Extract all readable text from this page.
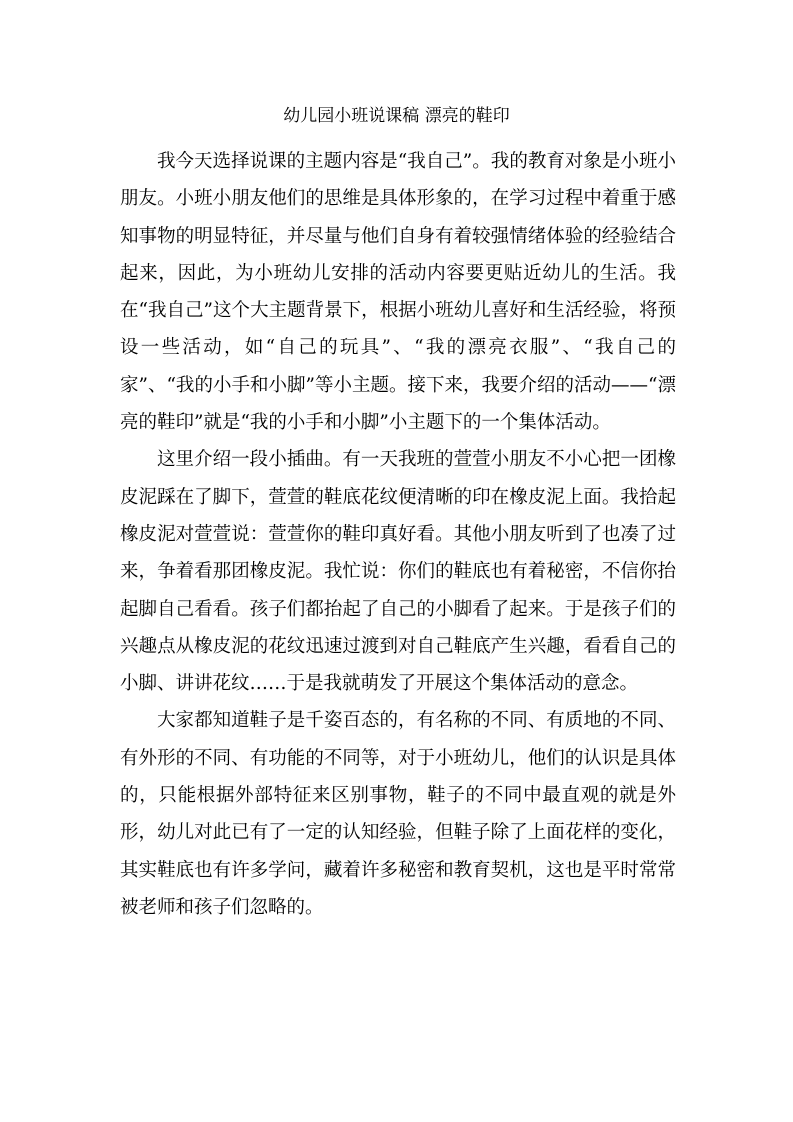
幼儿园小班说课稿 漂亮的鞋印

我今天选择说课的主题内容是“我自己”。我的教育对象是小班小朋友。小班小朋友他们的思维是具体形象的，在学习过程中着重于感知事物的明显特征，并尽量与他们自身有着较强情绪体验的经验结合起来，因此，为小班幼儿安排的活动内容要更贴近幼儿的生活。我在“我自己”这个大主题背景下，根据小班幼儿喜好和生活经验，将预设一些活动，如“自己的玩具”、“我的漂亮衣服”、“我自己的家”、“我的小手和小脚”等小主题。接下来，我要介绍的活动——“漂亮的鞋印”就是“我的小手和小脚”小主题下的一个集体活动。

这里介绍一段小插曲。有一天我班的萱萱小朋友不小心把一团橡皮泥踩在了脚下，萱萱的鞋底花纹便清晰的印在橡皮泥上面。我拾起橡皮泥对萱萱说：萱萱你的鞋印真好看。其他小朋友听到了也凑了过来，争着看那团橡皮泥。我忙说：你们的鞋底也有着秘密，不信你抬起脚自己看看。孩子们都抬起了自己的小脚看了起来。于是孩子们的兴趣点从橡皮泥的花纹迅速过渡到对自己鞋底产生兴趣，看看自己的小脚、讲讲花纹……于是我就萌发了开展这个集体活动的意念。

大家都知道鞋子是千姿百态的，有名称的不同、有质地的不同、有外形的不同、有功能的不同等，对于小班幼儿，他们的认识是具体的，只能根据外部特征来区别事物，鞋子的不同中最直观的就是外形，幼儿对此已有了一定的认知经验，但鞋子除了上面花样的变化，其实鞋底也有许多学问，藏着许多秘密和教育契机，这也是平时常常被老师和孩子们忽略的。
